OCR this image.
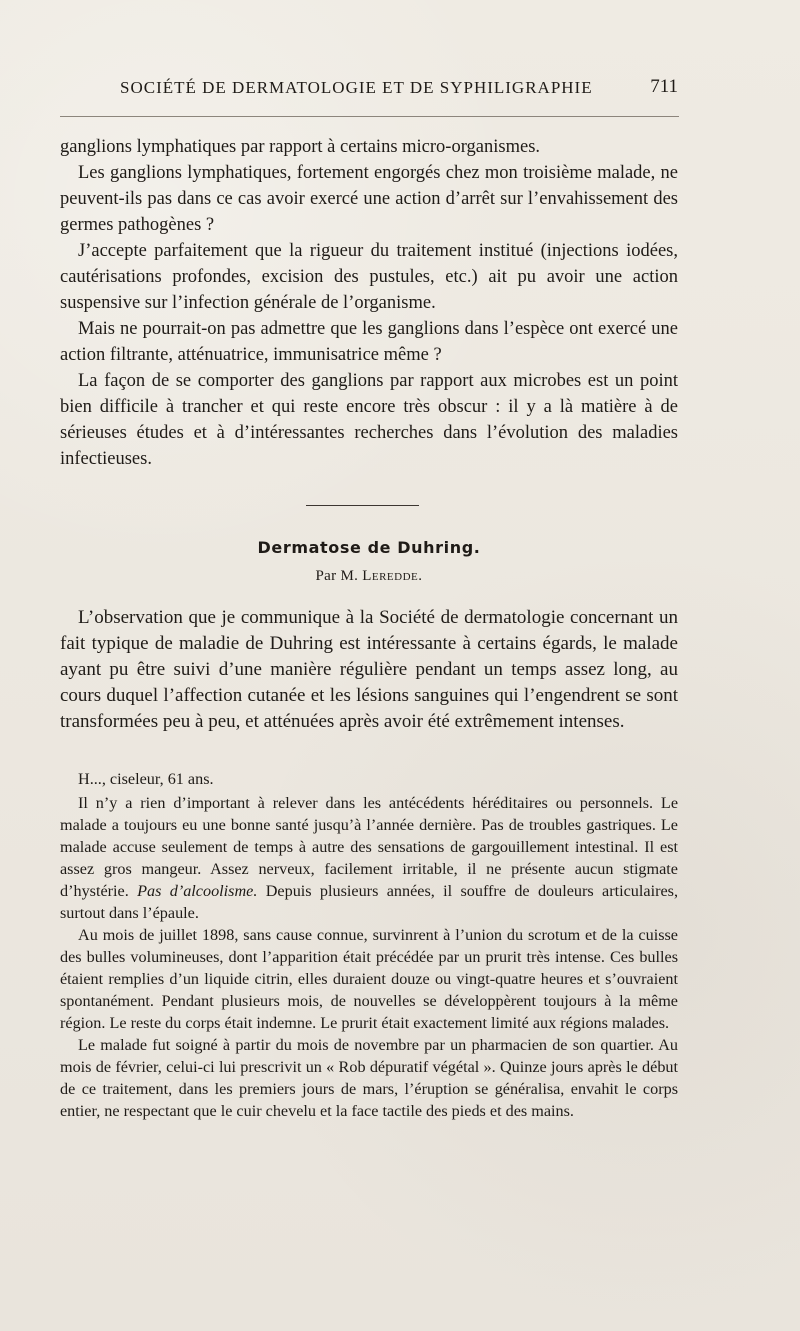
SOCIÉTÉ DE DERMATOLOGIE ET DE SYPHILIGRAPHIE	711

ganglions lymphatiques par rapport à certains micro-organismes.

Les ganglions lymphatiques, fortement engorgés chez mon troisième malade, ne peuvent-ils pas dans ce cas avoir exercé une action d’arrêt sur l’envahissement des germes pathogènes ?

J’accepte parfaitement que la rigueur du traitement institué (injections iodées, cautérisations profondes, excision des pustules, etc.) ait pu avoir une action suspensive sur l’infection générale de l’organisme.

Mais ne pourrait-on pas admettre que les ganglions dans l’espèce ont exercé une action filtrante, atténuatrice, immunisatrice même ?

La façon de se comporter des ganglions par rapport aux microbes est un point bien difficile à trancher et qui reste encore très obscur : il y a là matière à de sérieuses études et à d’intéressantes recherches dans l’évolution des maladies infectieuses.

Dermatose de Duhring.
Par M. Leredde.

L’observation que je communique à la Société de dermatologie concernant un fait typique de maladie de Duhring est intéressante à certains égards, le malade ayant pu être suivi d’une manière régulière pendant un temps assez long, au cours duquel l’affection cutanée et les lésions sanguines qui l’engendrent se sont transformées peu à peu, et atténuées après avoir été extrêmement intenses.

H..., ciseleur, 61 ans.

Il n’y a rien d’important à relever dans les antécédents héréditaires ou personnels. Le malade a toujours eu une bonne santé jusqu’à l’année dernière. Pas de troubles gastriques. Le malade accuse seulement de temps à autre des sensations de gargouillement intestinal. Il est assez gros mangeur. Assez nerveux, facilement irritable, il ne présente aucun stigmate d’hystérie. Pas d’alcoolisme. Depuis plusieurs années, il souffre de douleurs articulaires, surtout dans l’épaule.

Au mois de juillet 1898, sans cause connue, survinrent à l’union du scrotum et de la cuisse des bulles volumineuses, dont l’apparition était précédée par un prurit très intense. Ces bulles étaient remplies d’un liquide citrin, elles duraient douze ou vingt-quatre heures et s’ouvraient spontanément. Pendant plusieurs mois, de nouvelles se développèrent toujours à la même région. Le reste du corps était indemne. Le prurit était exactement limité aux régions malades.

Le malade fut soigné à partir du mois de novembre par un pharmacien de son quartier. Au mois de février, celui-ci lui prescrivit un « Rob dépuratif végétal ». Quinze jours après le début de ce traitement, dans les premiers jours de mars, l’éruption se généralisa, envahit le corps entier, ne respectant que le cuir chevelu et la face tactile des pieds et des mains.
